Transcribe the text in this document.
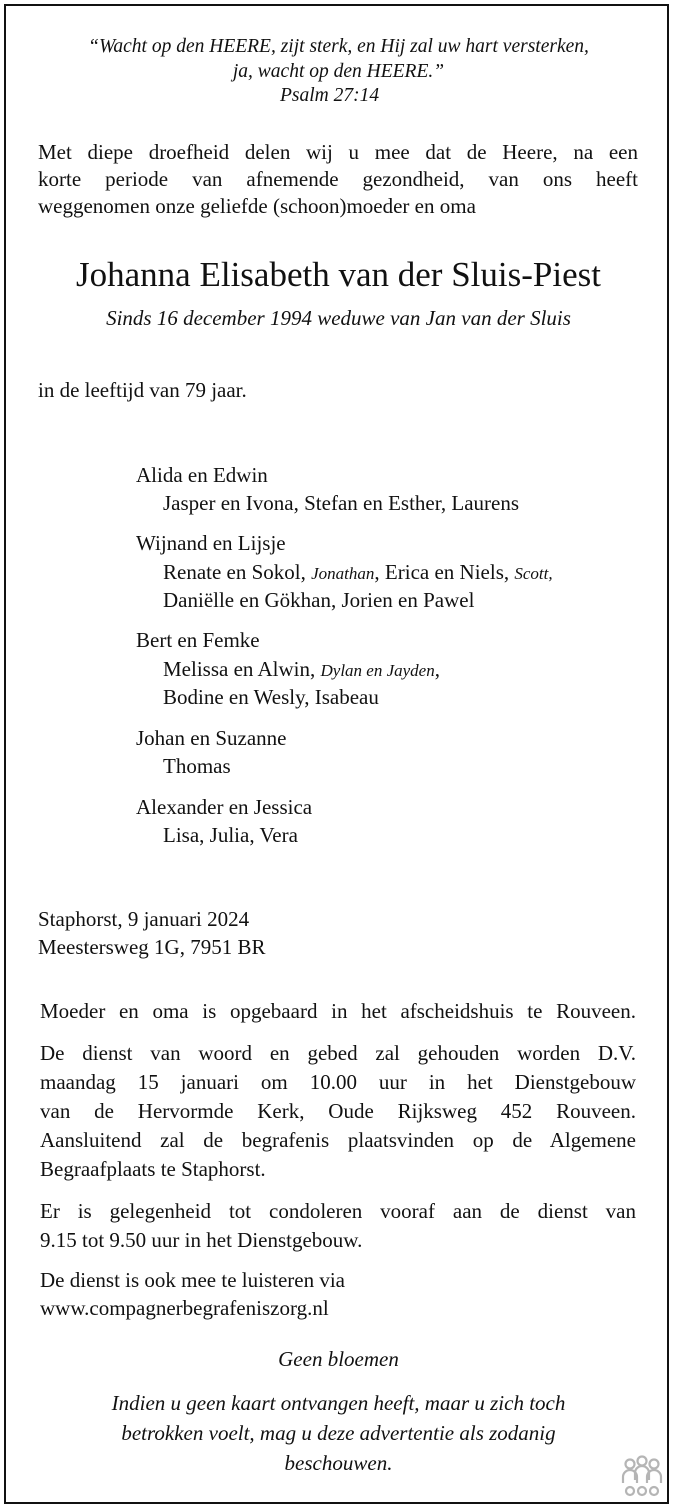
“Wacht op den HEERE, zijt sterk, en Hij zal uw hart versterken,

ja, wacht op den HEERE.”

Psalm 27:14

Met diepe droefheid delen wij u mee dat de Heere, na een
korte periode van afnemende gezondheid, van ons heeft
weggenomen onze geliefde (schoon)moeder en oma

Johanna Elisabeth van der Sluis-Piest

Sinds 16 december 1994 weduwe van Jan van der Sluis

in de leeftijd van 79 jaar.

Alida en Edwin

Jasper en Ivona, Stefan en Esther, Laurens

Wijnand en Lijsje

Renate en Sokol, Jonathan, Erica en Niels, Scott,

Daniëlle en Gökhan, Jorien en Pawel

Bert en Femke

Melissa en Alwin, Dylan en Jayden,

Bodine en Wesly, Isabeau

Johan en Suzanne

Thomas

Alexander en Jessica

Lisa, Julia, Vera

Staphorst, 9 januari 2024

Meestersweg 1G, 7951 BR

Moeder en oma is opgebaard in het afscheidshuis te Rouveen.
De dienst van woord en gebed zal gehouden worden D.V.
maandag 15 januari om 10.00 uur in het Dienstgebouw
van de Hervormde Kerk, Oude Rijksweg 452 Rouveen.
Aansluitend zal de begrafenis plaatsvinden op de Algemene
Begraafplaats te Staphorst.
Er is gelegenheid tot condoleren vooraf aan de dienst van
9.15 tot 9.50 uur in het Dienstgebouw.
De dienst is ook mee te luisteren via
www.compagnerbegrafeniszorg.nl

Geen bloemen

Indien u geen kaart ontvangen heeft, maar u zich toch

betrokken voelt, mag u deze advertentie als zodanig

beschouwen.
